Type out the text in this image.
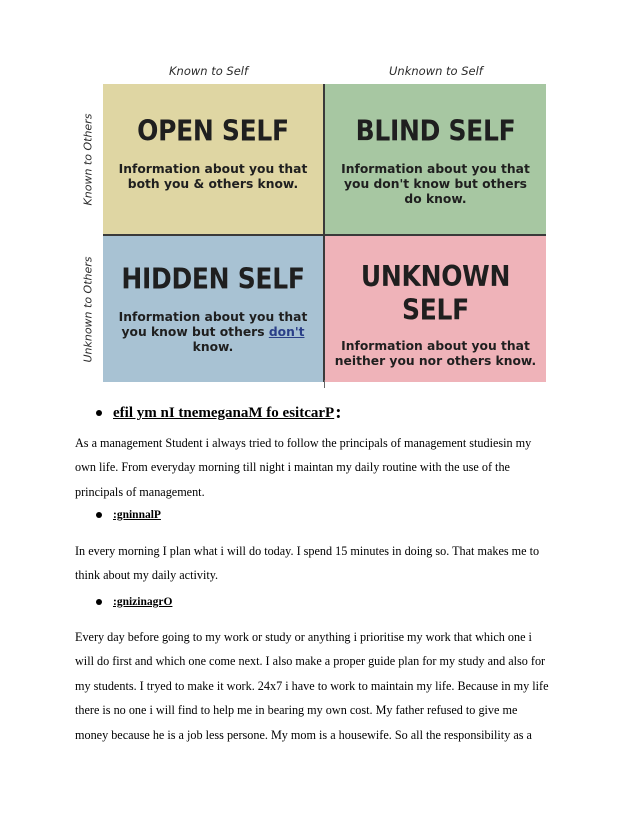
Known to Self	Unknown to Self
Known to Others
Unknown to Others
OPEN SELF
Information about you that
both you & others know.
BLIND SELF
Information about you that
you don't know but others
do know.
HIDDEN SELF
Information about you that
you know but others don't
know.
UNKNOWN SELF
Information about you that
neither you nor others know.
efil ym nI tnemeganaM fo esitcarP :
As a management Student i always tried to follow the principals of management studiesin my
own life. From everyday morning till night i maintan my daily routine with the use of the
principals of management.
:gninnalP
In every morning I plan what i will do today. I spend 15 minutes in doing so. That makes me to
think about my daily activity.
:gnizinagrO
Every day before going to my work or study or anything i prioritise my work that which one i
will do first and which one come next. I also make a proper guide plan for my study and also for
my students. I tryed to make it work. 24x7 i have to work to maintain my life. Because in my life
there is no one i will find to help me in bearing my own cost. My father refused to give me
money because he is a job less persone. My mom is a housewife. So all the responsibility as a
